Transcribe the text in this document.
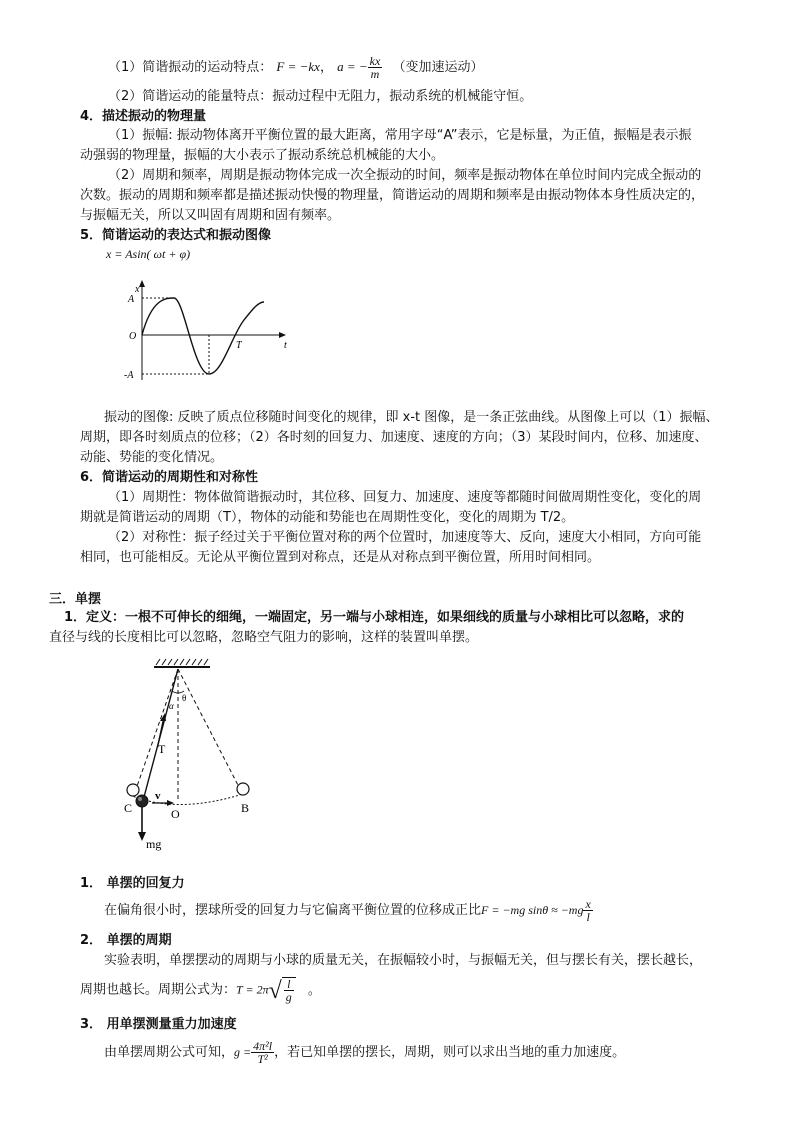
（1）简谐振动的运动特点： F = −kx， a = − $\frac{kx}{m}$ （变加速运动）
（2）简谐运动的能量特点：振动过程中无阻力，振动系统的机械能守恒。
4．描述振动的物理量
（1）振幅: 振动物体离开平衡位置的最大距离，常用字母“A”表示，它是标量，为正值，振幅是表示振
动强弱的物理量，振幅的大小表示了振动系统总机械能的大小。
（2）周期和频率，周期是振动物体完成一次全振动的时间，频率是振动物体在单位时间内完成全振动的
次数。振动的周期和频率都是描述振动快慢的物理量，简谐运动的周期和频率是由振动物体本身性质决定的，
与振幅无关，所以又叫固有周期和固有频率。
5．简谐运动的表达式和振动图像
x = Asin( ωt + φ)
x
A
O
-A
T	t
振动的图像: 反映了质点位移随时间变化的规律，即 x-t 图像，是一条正弦曲线。从图像上可以（1）振幅、
周期，即各时刻质点的位移；（2）各时刻的回复力、加速度、速度的方向；（3）某段时间内，位移、加速度、
动能、势能的变化情况。
6．简谐运动的周期性和对称性
（1）周期性：物体做简谐振动时，其位移、回复力、加速度、速度等都随时间做周期性变化，变化的周
期就是简谐运动的周期（T），物体的动能和势能也在周期性变化，变化的周期为 T/2。
（2）对称性：振子经过关于平衡位置对称的两个位置时，加速度等大、反向，速度大小相同，方向可能
相同，也可能相反。无论从平衡位置到对称点，还是从对称点到平衡位置，所用时间相同。
三．单摆
1．定义：一根不可伸长的细绳，一端固定，另一端与小球相连，如果细线的质量与小球相比可以忽略，求的
直径与线的长度相比可以忽略，忽略空气阻力的影响，这样的装置叫单摆。
θ
α
T
C
v
O	B
mg
1． 单摆的回复力
在偏角很小时，摆球所受的回复力与它偏离平衡位置的位移成正比F = −mg $\sin\theta \approx -mg \frac{x}{l}$
2． 单摆的周期
实验表明，单摆摆动的周期与小球的质量无关，在振幅较小时，与振幅无关，但与摆长有关，摆长越长，
周期也越长。周期公式为：$T = 2\pi√ \frac{l}{g}$ 。
3． 用单摆测量重力加速度
由单摆周期公式可知，$g = \frac{\text{4π²l}}{\text{T²}}$ ，若已知单摆的摆长，周期，则可以求出当地的重力加速度。
